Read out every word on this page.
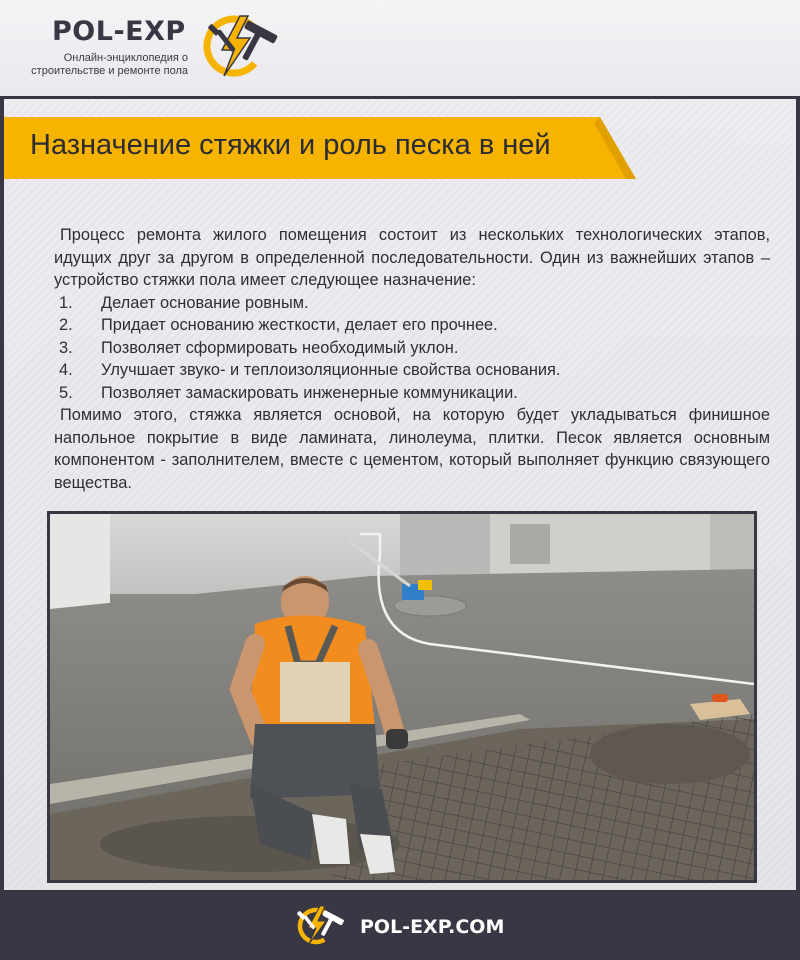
POL-EXP
Онлайн-энциклопедия о
строительстве и ремонте пола
Назначение стяжки и роль песка в ней

Процесс ремонта жилого помещения состоит из нескольких технологических этапов, идущих друг за другом в определенной последовательности. Один из важнейших этапов – устройство стяжки пола имеет следующее назначение:

1.	Делает основание ровным.
2.	Придает основанию жесткости, делает его прочнее.
3.	Позволяет сформировать необходимый уклон.
4.	Улучшает звуко- и теплоизоляционные свойства основания.
5.	Позволяет замаскировать инженерные коммуникации.

Помимо этого, стяжка является основой, на которую будет укладываться финишное напольное покрытие в виде ламината, линолеума, плитки. Песок является основным компонентом - заполнителем, вместе с цементом, который выполняет функцию связующего вещества.

POL-EXP.COM
